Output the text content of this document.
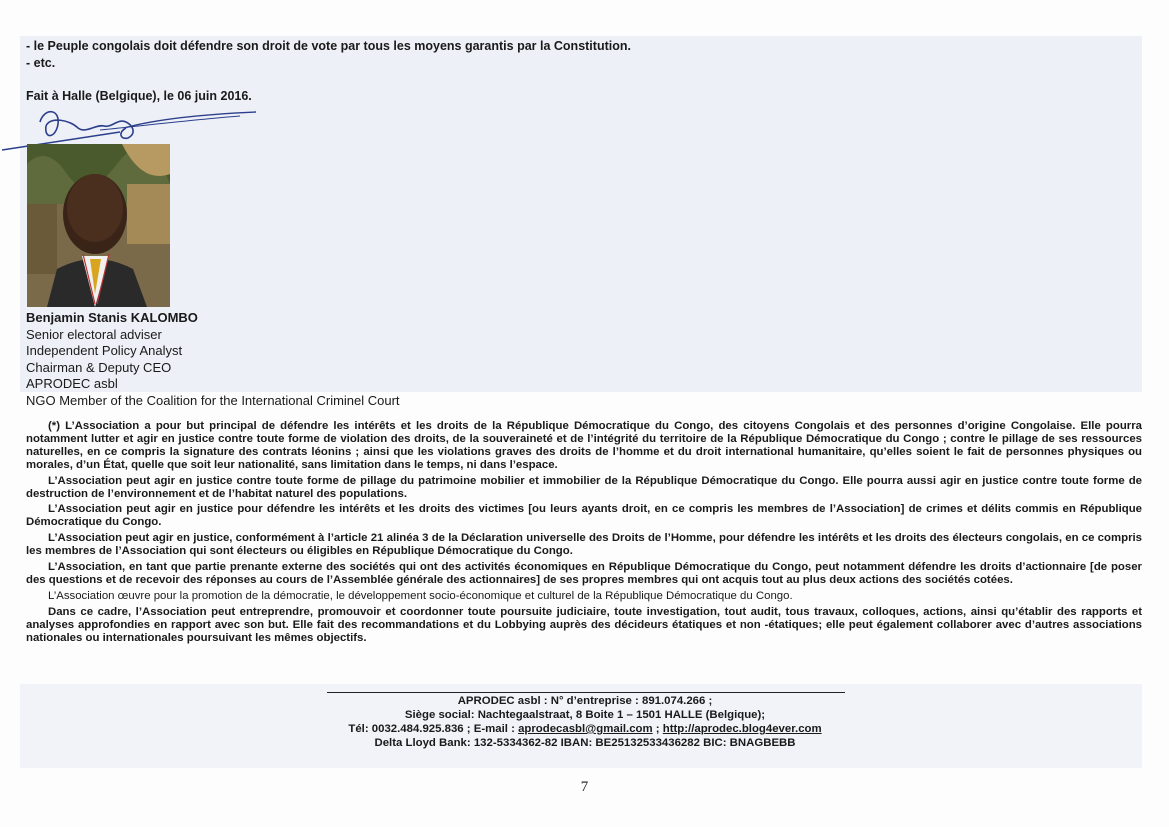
- le Peuple congolais doit défendre son droit de vote par tous les moyens garantis par la Constitution.
- etc.
Fait à Halle (Belgique), le 06 juin 2016.
Benjamin Stanis KALOMBO
Senior electoral adviser
Independent Policy Analyst
Chairman & Deputy CEO
APRODEC asbl
NGO Member of the Coalition for the International Criminel Court

(*) L’Association a pour but principal de défendre les intérêts et les droits de la République Démocratique du Congo, des citoyens Congolais et des personnes d’origine Congolaise. Elle pourra notamment lutter et agir en justice contre toute forme de violation des droits, de la souveraineté et de l’intégrité du territoire de la République Démocratique du Congo ; contre le pillage de ses ressources naturelles, en ce compris la signature des contrats léonins ; ainsi que les violations graves des droits de l’homme et du droit international humanitaire, qu’elles soient le fait de personnes physiques ou morales, d’un État, quelle que soit leur nationalité, sans limitation dans le temps, ni dans l’espace.

L’Association peut agir en justice contre toute forme de pillage du patrimoine mobilier et immobilier de la République Démocratique du Congo. Elle pourra aussi agir en justice contre toute forme de destruction de l’environnement et de l’habitat naturel des populations.

L’Association peut agir en justice pour défendre les intérêts et les droits des victimes [ou leurs ayants droit, en ce compris les membres de l’Association] de crimes et délits commis en République Démocratique du Congo.

L’Association peut agir en justice, conformément à l’article 21 alinéa 3 de la Déclaration universelle des Droits de l’Homme, pour défendre les intérêts et les droits des électeurs congolais, en ce compris les membres de l’Association qui sont électeurs ou éligibles en République Démocratique du Congo.

L’Association, en tant que partie prenante externe des sociétés qui ont des activités économiques en République Démocratique du Congo, peut notamment défendre les droits d’actionnaire [de poser des questions et de recevoir des réponses au cours de l’Assemblée générale des actionnaires] de ses propres membres qui ont acquis tout au plus deux actions des sociétés cotées.

L’Association œuvre pour la promotion de la démocratie, le développement socio-économique et culturel de la République Démocratique du Congo.

Dans ce cadre, l’Association peut entreprendre, promouvoir et coordonner toute poursuite judiciaire, toute investigation, tout audit, tous travaux, colloques, actions, ainsi qu’établir des rapports et analyses approfondies en rapport avec son but. Elle fait des recommandations et du Lobbying auprès des décideurs étatiques et non -étatiques; elle peut également collaborer avec d’autres associations nationales ou internationales poursuivant les mêmes objectifs.

APRODEC asbl : N° d’entreprise : 891.074.266 ;
Siège social: Nachtegaalstraat, 8 Boite 1 – 1501 HALLE (Belgique);
Tél: 0032.484.925.836 ; E-mail : aprodecasbl@gmail.com ; http://aprodec.blog4ever.com
Delta Lloyd Bank: 132-5334362-82 IBAN: BE25132533436282 BIC: BNAGBEBB
7
